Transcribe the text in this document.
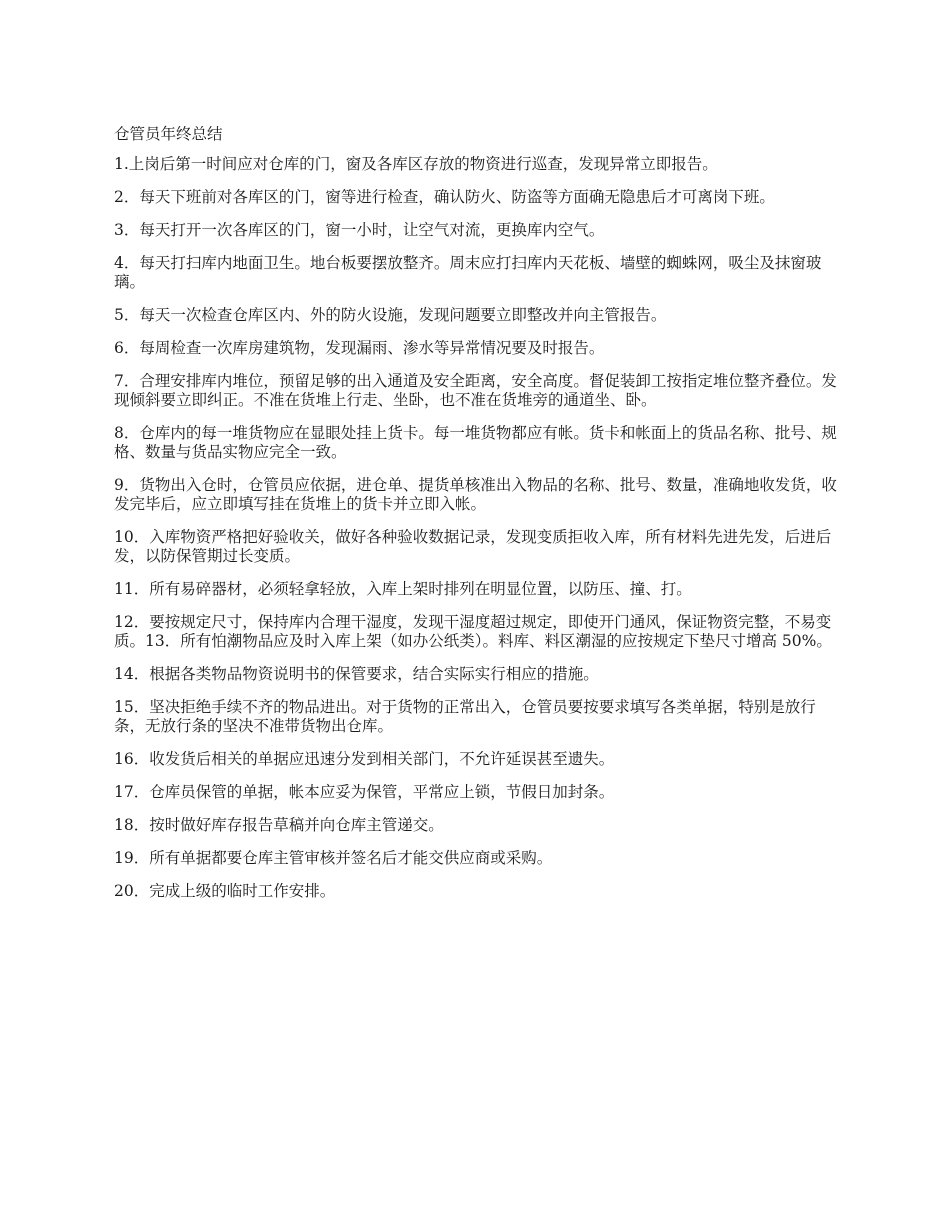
仓管员年终总结

1.上岗后第一时间应对仓库的门，窗及各库区存放的物资进行巡查，发现异常立即报告。

2．每天下班前对各库区的门，窗等进行检查，确认防火、防盗等方面确无隐患后才可离岗下班。

3．每天打开一次各库区的门，窗一小时，让空气对流，更换库内空气。

4．每天打扫库内地面卫生。地台板要摆放整齐。周末应打扫库内天花板、墙壁的蜘蛛网，吸尘及抹窗玻璃。

5．每天一次检查仓库区内、外的防火设施，发现问题要立即整改并向主管报告。

6．每周检查一次库房建筑物，发现漏雨、渗水等异常情况要及时报告。

7．合理安排库内堆位，预留足够的出入通道及安全距离，安全高度。督促装卸工按指定堆位整齐叠位。发现倾斜要立即纠正。不准在货堆上行走、坐卧，也不准在货堆旁的通道坐、卧。

8．仓库内的每一堆货物应在显眼处挂上货卡。每一堆货物都应有帐。货卡和帐面上的货品名称、批号、规格、数量与货品实物应完全一致。

9．货物出入仓时，仓管员应依据，进仓单、提货单核准出入物品的名称、批号、数量，准确地收发货，收发完毕后，应立即填写挂在货堆上的货卡并立即入帐。

10．入库物资严格把好验收关，做好各种验收数据记录，发现变质拒收入库，所有材料先进先发，后进后发，以防保管期过长变质。

11．所有易碎器材，必须轻拿轻放，入库上架时排列在明显位置，以防压、撞、打。

12．要按规定尺寸，保持库内合理干湿度，发现干湿度超过规定，即使开门通风，保证物资完整，不易变质。13．所有怕潮物品应及时入库上架（如办公纸类）。料库、料区潮湿的应按规定下垫尺寸增高 50%。

14．根据各类物品物资说明书的保管要求，结合实际实行相应的措施。

15．坚决拒绝手续不齐的物品进出。对于货物的正常出入，仓管员要按要求填写各类单据，特别是放行条，无放行条的坚决不准带货物出仓库。

16．收发货后相关的单据应迅速分发到相关部门，不允许延误甚至遗失。

17．仓库员保管的单据，帐本应妥为保管，平常应上锁，节假日加封条。

18．按时做好库存报告草稿并向仓库主管递交。

19．所有单据都要仓库主管审核并签名后才能交供应商或采购。

20．完成上级的临时工作安排。
